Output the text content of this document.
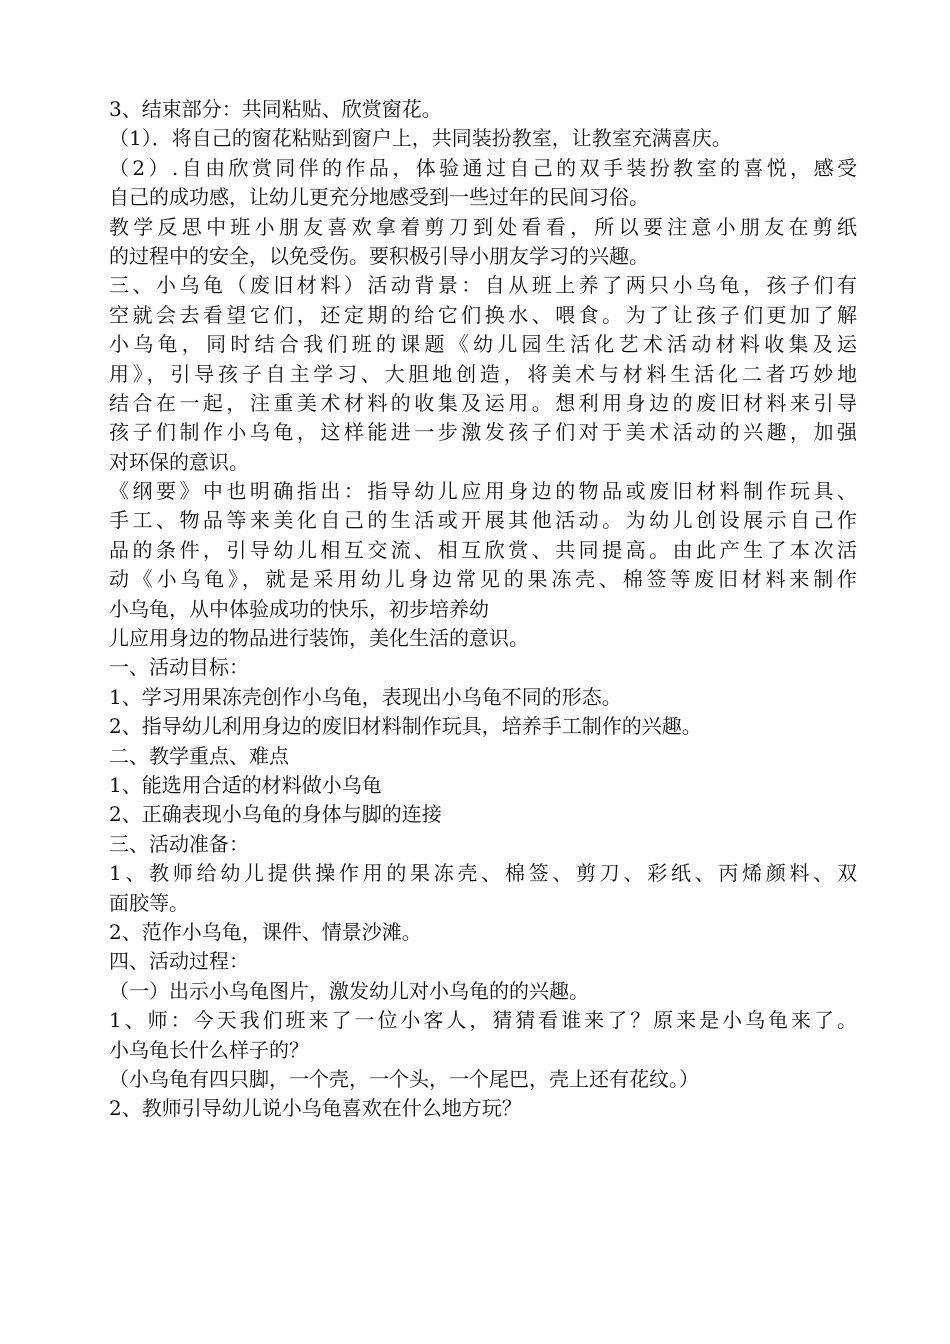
3、结束部分：共同粘贴、欣赏窗花。
（1）．将自己的窗花粘贴到窗户上，共同装扮教室，让教室充满喜庆。
（2）.自由欣赏同伴的作品，体验通过自己的双手装扮教室的喜悦，感受
自己的成功感，让幼儿更充分地感受到一些过年的民间习俗。
教学反思中班小朋友喜欢拿着剪刀到处看看，所以要注意小朋友在剪纸
的过程中的安全，以免受伤。要积极引导小朋友学习的兴趣。
三、小乌龟（废旧材料）活动背景：自从班上养了两只小乌龟，孩子们有
空就会去看望它们，还定期的给它们换水、喂食。为了让孩子们更加了解
小乌龟，同时结合我们班的课题《幼儿园生活化艺术活动材料收集及运
用》，引导孩子自主学习、大胆地创造，将美术与材料生活化二者巧妙地
结合在一起，注重美术材料的收集及运用。想利用身边的废旧材料来引导
孩子们制作小乌龟，这样能进一步激发孩子们对于美术活动的兴趣，加强
对环保的意识。
《纲要》中也明确指出：指导幼儿应用身边的物品或废旧材料制作玩具、
手工、物品等来美化自己的生活或开展其他活动。为幼儿创设展示自己作
品的条件，引导幼儿相互交流、相互欣赏、共同提高。由此产生了本次活
动《小乌龟》，就是采用幼儿身边常见的果冻壳、棉签等废旧材料来制作
小乌龟，从中体验成功的快乐，初步培养幼
儿应用身边的物品进行装饰，美化生活的意识。
一、活动目标：
1、学习用果冻壳创作小乌龟，表现出小乌龟不同的形态。
2、指导幼儿利用身边的废旧材料制作玩具，培养手工制作的兴趣。
二、教学重点、难点
1、能选用合适的材料做小乌龟
2、正确表现小乌龟的身体与脚的连接
三、活动准备：
1、教师给幼儿提供操作用的果冻壳、棉签、剪刀、彩纸、丙烯颜料、双
面胶等。
2、范作小乌龟，课件、情景沙滩。
四、活动过程：
（一）出示小乌龟图片，激发幼儿对小乌龟的的兴趣。
1、师：今天我们班来了一位小客人，猜猜看谁来了？原来是小乌龟来了。
小乌龟长什么样子的？
（小乌龟有四只脚，一个壳，一个头，一个尾巴，壳上还有花纹。）
2、教师引导幼儿说小乌龟喜欢在什么地方玩？
